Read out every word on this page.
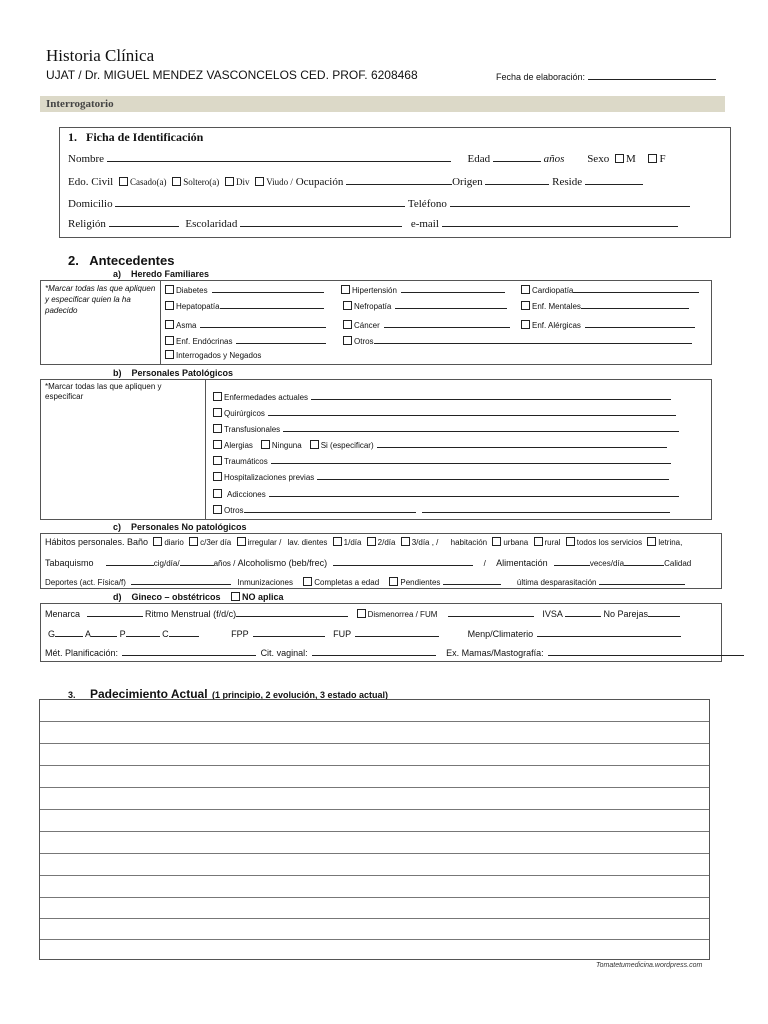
Historia Clínica
UJAT / Dr. MIGUEL MENDEZ VASCONCELOS CED. PROF. 6208468	Fecha de elaboración:
Interrogatorio
1.   Ficha de Identificación
Nombre	Edad	años Sexo M F
Edo. Civil Casado(a) Soltero(a) Div Viudo / Ocupación	Origen	Reside
Domicilio	Teléfono
Religión	Escolaridad	e-mail
2.   Antecedentes
a)    Heredo Familiares
*Marcar todas las que apliquen y especificar quien la ha padecido
Diabetes	Hipertensión	Cardiopatía
Hepatopatía	Nefropatía	Enf. Mentales
Asma	Cáncer	Enf. Alérgicas
Enf. Endócrinas	Otros
Interrogados y Negados
b)    Personales Patológicos
*Marcar todas las que apliquen y especificar	Enfermedades actuales
Quirúrgicos
Transfusionales
Alergias Ninguna Si (especificar)
Traumáticos
Hospitalizaciones previas
Adicciones
Otros
c)    Personales No patológicos
Hábitos personales. Baño diario c/3er día irregular / lav. dientes 1/día 2/día 3/día , / habitación urbana rural todos los servicios letrina,
Tabaquismo	cig/día/	años / Alcoholismo (beb/frec)	/ Alimentación	veces/día	Calidad
Deportes (act. Física/f)	Inmunizaciones	Completas a edad	Pendientes	última desparasitación
d)    Gineco – obstétricos NO aplica
Menarca	Ritmo Menstrual (f/d/c)	Dismenorrea / FUM	IVSA	No Parejas
G	A	P	C	FPP	FUP	Menp/Climaterio
Mét. Planificación:	Cit. vaginal:	Ex. Mamas/Mastografía:
3. Padecimiento Actual (1 principio, 2 evolución, 3 estado actual)
Tomatetumedicina.wordpress.com
